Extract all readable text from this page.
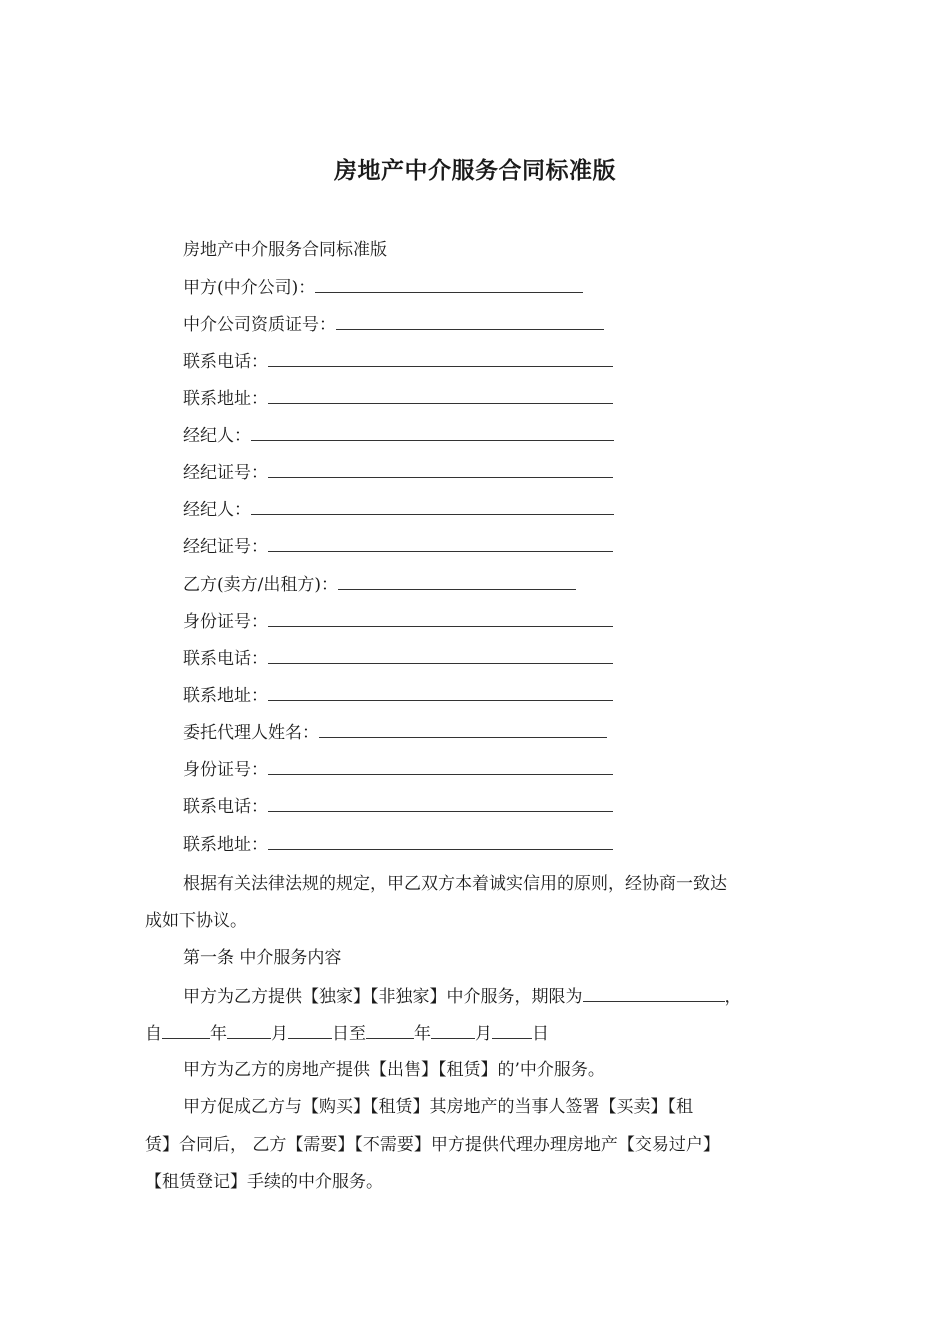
房地产中介服务合同标准版
房地产中介服务合同标准版
甲方(中介公司)：
中介公司资质证号：
联系电话：
联系地址：
经纪人：
经纪证号：
经纪人：
经纪证号：
乙方(卖方/出租方)：
身份证号：
联系电话：
联系地址：
委托代理人姓名：
身份证号：
联系电话：
联系地址：
根据有关法律法规的规定，甲乙双方本着诚实信用的原则，经协商一致达
成如下协议。
第一条 中介服务内容
甲方为乙方提供【独家】【非独家】中介服务，期限为	，
自	年	月	日至	年	月 日
甲方为乙方的房地产提供【出售】【租赁】的’中介服务。
甲方促成乙方与【购买】【租赁】其房地产的当事人签署【买卖】【租
赁】合同后， 乙方【需要】【不需要】甲方提供代理办理房地产【交易过户】
【租赁登记】手续的中介服务。
